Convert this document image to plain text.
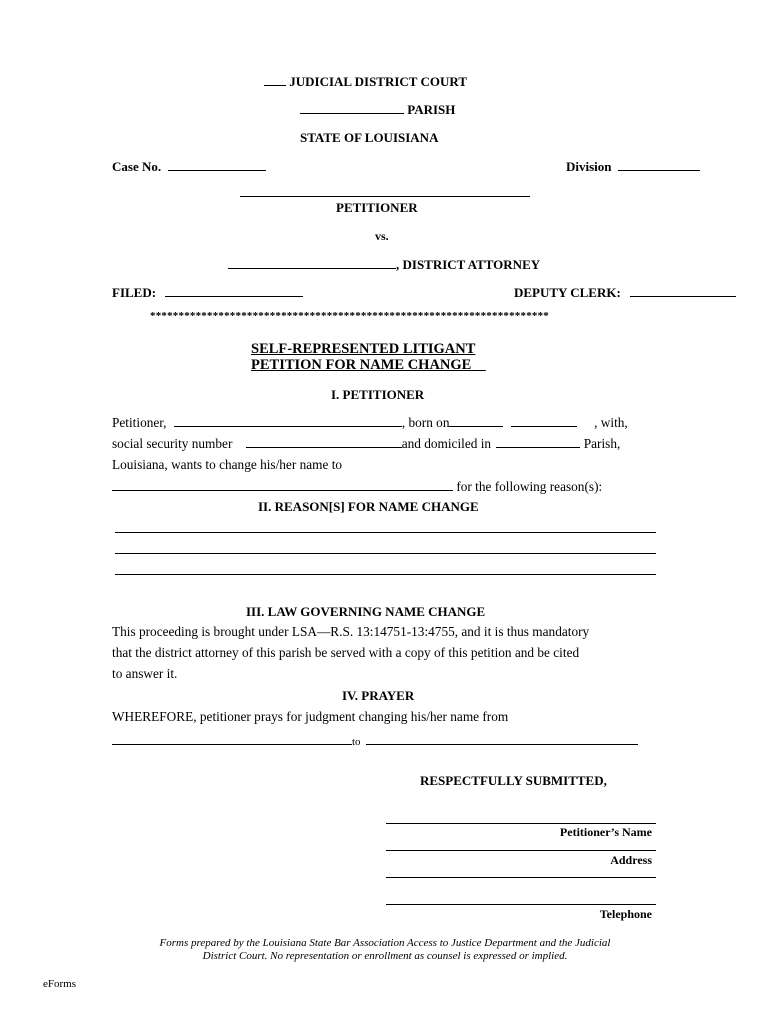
JUDICIAL DISTRICT COURT
PARISH
STATE OF LOUISIANA
Case No.	Division
PETITIONER
vs.
, DISTRICT ATTORNEY
FILED:	DEPUTY CLERK:
**********************************************************************
SELF-REPRESENTED LITIGANT
PETITION FOR NAME CHANGE
I. PETITIONER
Petitioner,	, born on	, with,
social security number	and domiciled in	Parish,
Louisiana, wants to change his/her name to
for the following reason(s):
II. REASON[S] FOR NAME CHANGE
III. LAW GOVERNING NAME CHANGE
This proceeding is brought under LSA—R.S. 13:14751-13:4755, and it is thus mandatory
that the district attorney of this parish be served with a copy of this petition and be cited
to answer it.
IV. PRAYER
WHEREFORE, petitioner prays for judgment changing his/her name from
to
RESPECTFULLY SUBMITTED,
Petitioner’s Name
Address
Telephone
Forms prepared by the Louisiana State Bar Association Access to Justice Department and the Judicial
District Court. No representation or enrollment as counsel is expressed or implied.
eForms
